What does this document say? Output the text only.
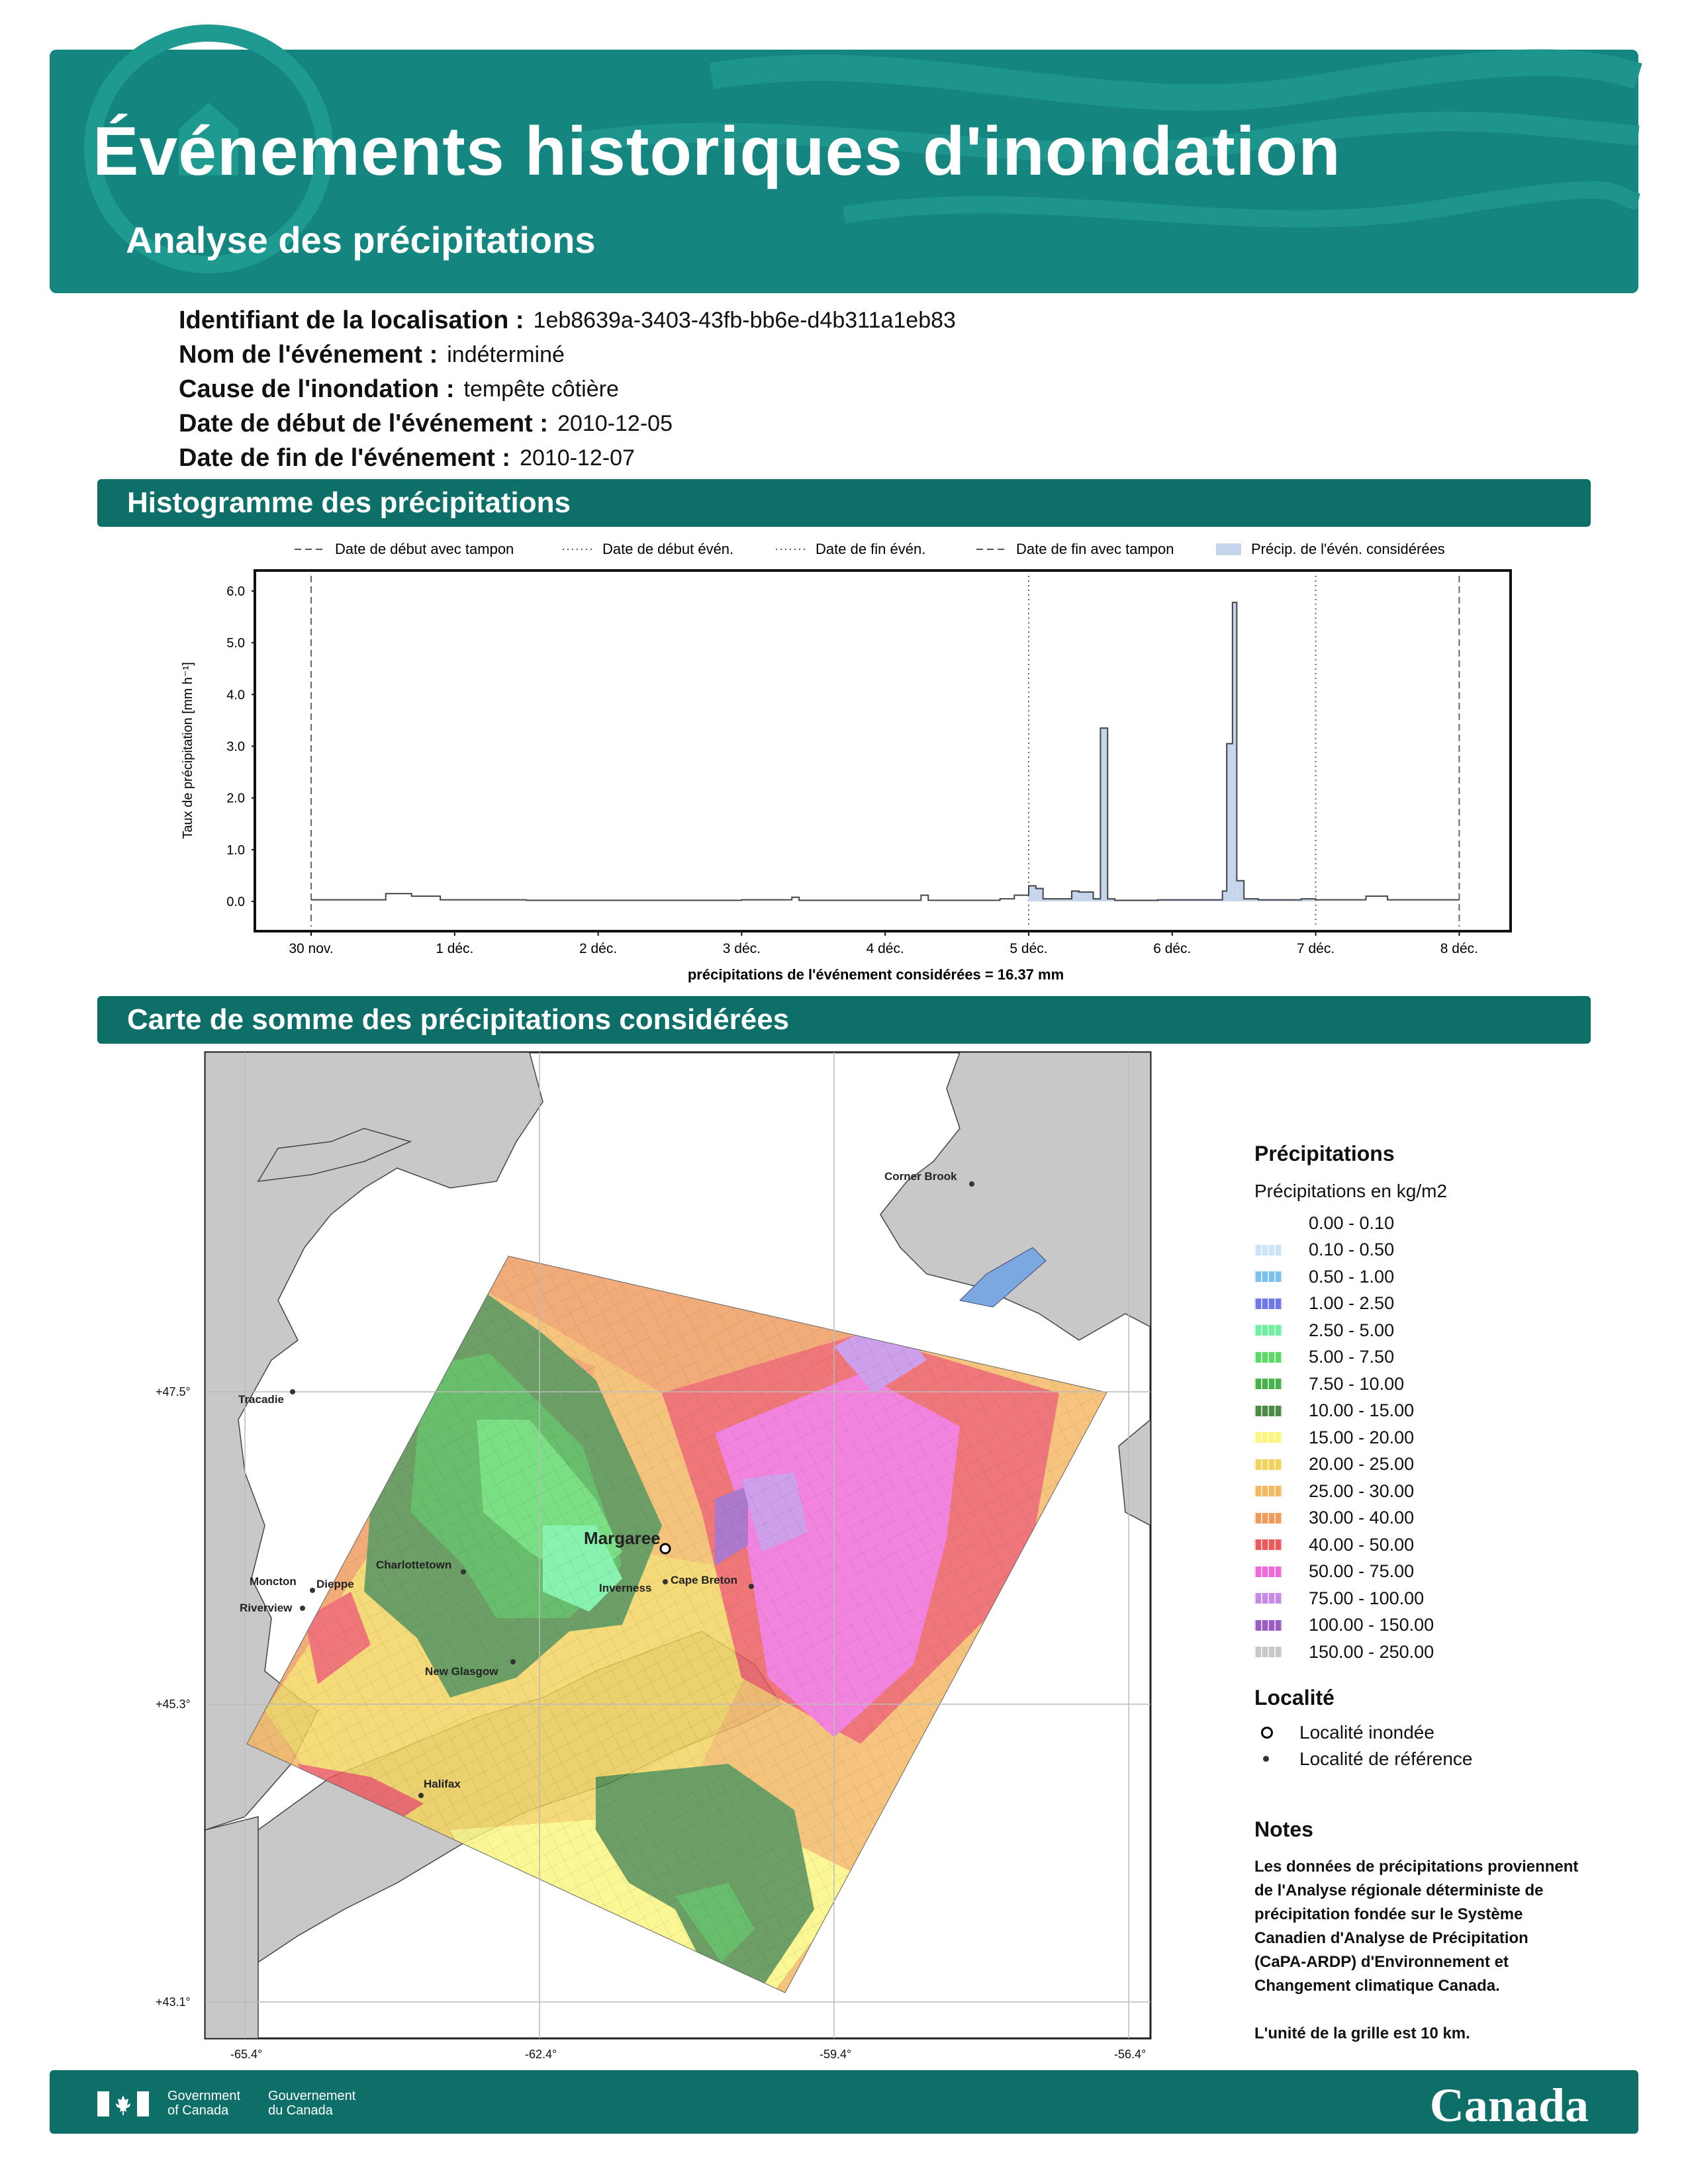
Événements historiques d'inondation
Analyse des précipitations
Identifiant de la localisation : 1eb8639a-3403-43fb-bb6e-d4b311a1eb83
Nom de l'événement : indéterminé
Cause de l'inondation : tempête côtière
Date de début de l'événement : 2010-12-05
Date de fin de l'événement : 2010-12-07
Histogramme des précipitations
Date de début avec tampon	Date de début évén.	Date de fin évén.	Date de fin avec tampon	Précip. de l'évén. considérées
0.0
1.0
2.0
3.0
4.0
5.0
6.0
30 nov.	1 déc.	2 déc.	3 déc.	4 déc.	5 déc.	6 déc.	7 déc.	8 déc.
Taux de précipitation [mm h⁻¹]
précipitations de l'événement considérées = 16.37 mm
Carte de somme des précipitations considérées
+47.5°
+45.3°
+43.1°
-65.4°	-62.4°	-59.4°	-56.4°
Margaree
Corner Brook
Tracadie
Charlottetown
Inverness
Cape Breton
Moncton Dieppe
Riverview
New Glasgow
Halifax
Précipitations
Précipitations en kg/m2
0.00 - 0.10
0.10 - 0.50
0.50 - 1.00
1.00 - 2.50
2.50 - 5.00
5.00 - 7.50
7.50 - 10.00
10.00 - 15.00
15.00 - 20.00
20.00 - 25.00
25.00 - 30.00
30.00 - 40.00
40.00 - 50.00
50.00 - 75.00
75.00 - 100.00
100.00 - 150.00
150.00 - 250.00
Localité
Localité inondée
Localité de référence
Notes
Les données de précipitations proviennent
de l'Analyse régionale déterministe de
précipitation fondée sur le Système
Canadien d'Analyse de Précipitation
(CaPA-ARDP) d'Environnement et
Changement climatique Canada.
L'unité de la grille est 10 km.
Government
of Canada
Gouvernement
du Canada	Canada
